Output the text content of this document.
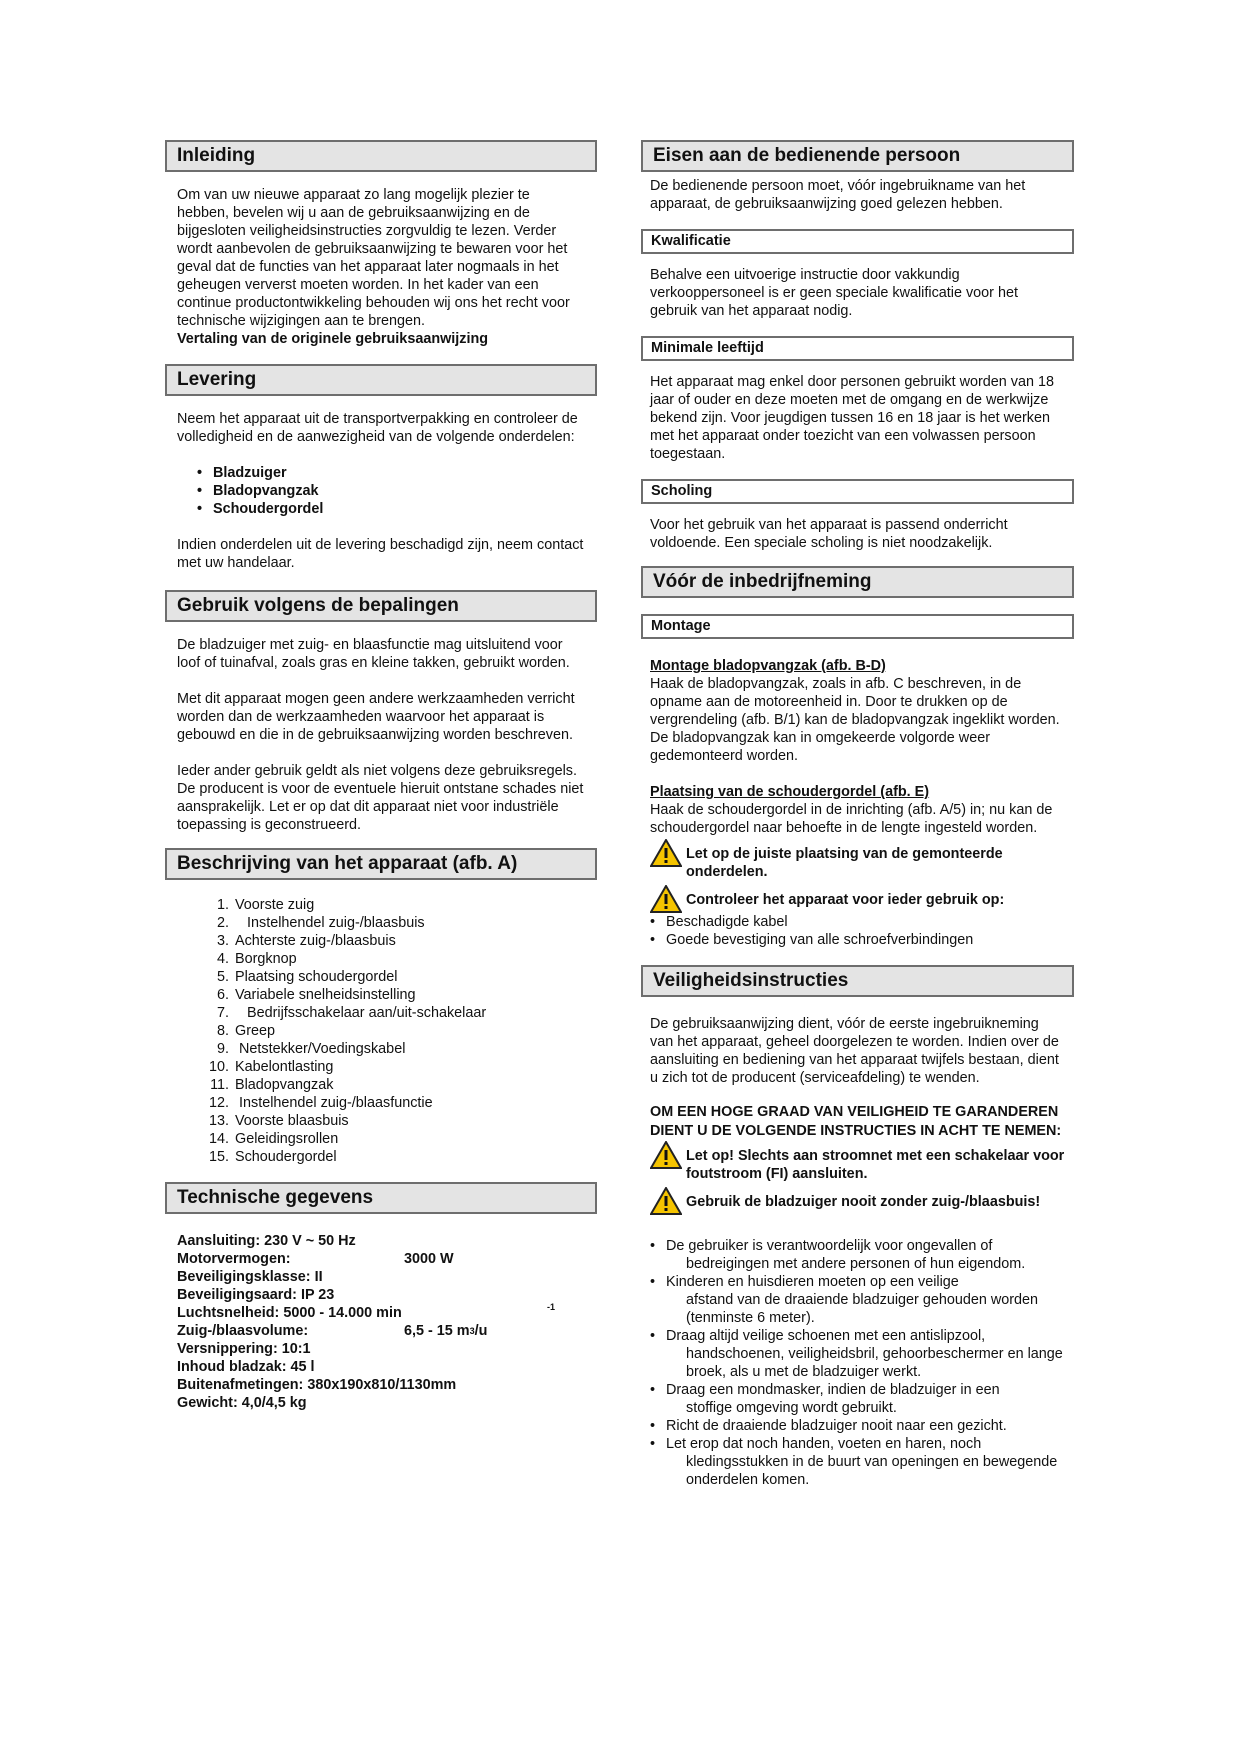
Inleiding

Om van uw nieuwe apparaat zo lang mogelijk plezier te hebben, bevelen wij u aan de gebruiksaanwijzing en de bijgesloten veiligheidsinstructies zorgvuldig te lezen. Verder wordt aanbevolen de gebruiksaanwijzing te bewaren voor het geval dat de functies van het apparaat later nogmaals in het geheugen ververst moeten worden. In het kader van een continue productontwikkeling behouden wij ons het recht voor technische wijzigingen aan te brengen.

Vertaling van de originele gebruiksaanwijzing

Levering

Neem het apparaat uit de transportverpakking en controleer de volledigheid en de aanwezigheid van de volgende onderdelen:

• Bladzuiger
• Bladopvangzak
• Schoudergordel

Indien onderdelen uit de levering beschadigd zijn, neem contact met uw handelaar.

Gebruik volgens de bepalingen

De bladzuiger met zuig- en blaasfunctie mag uitsluitend voor loof of tuinafval, zoals gras en kleine takken, gebruikt worden.

Met dit apparaat mogen geen andere werkzaamheden verricht worden dan de werkzaamheden waarvoor het apparaat is gebouwd en die in de gebruiksaanwijzing worden beschreven.

Ieder ander gebruik geldt als niet volgens deze gebruiksregels. De producent is voor de eventuele hieruit ontstane schades niet aansprakelijk. Let er op dat dit apparaat niet voor industriële toepassing is geconstrueerd.

Beschrijving van het apparaat (afb. A)
1. Voorste zuig
2. Instelhendel zuig-/blaasbuis
3. Achterste zuig-/blaasbuis
4. Borgknop
5. Plaatsing schoudergordel
6. Variabele snelheidsinstelling
7. Bedrijfsschakelaar aan/uit-schakelaar
8. Greep
9. Netstekker/Voedingskabel
10. Kabelontlasting
11. Bladopvangzak
12. Instelhendel zuig-/blaasfunctie
13. Voorste blaasbuis
14. Geleidingsrollen
15. Schoudergordel
Technische gegevens
Aansluiting: 230 V ~ 50 Hz
Motorvermogen:	3000 W
Beveiligingsklasse: II
Beveiligingsaard: IP 23
Luchtsnelheid: 5000 - 14.000 min	-1
Zuig-/blaasvolume:	6,5 - 15 $m^3/u$
Versnippering: 10:1
Inhoud bladzak: 45 l
Buitenafmetingen: 380x190x810/1130mm
Gewicht: 4,0/4,5 kg
Eisen aan de bedienende persoon
De bedienende persoon moet, vóór ingebruikname van het apparaat, de gebruiksaanwijzing goed gelezen hebben.
Kwalificatie
Behalve een uitvoerige instructie door vakkundig verkooppersoneel is er geen speciale kwalificatie voor het gebruik van het apparaat nodig.
Minimale leeftijd
Het apparaat mag enkel door personen gebruikt worden van 18 jaar of ouder en deze moeten met de omgang en de werkwijze bekend zijn. Voor jeugdigen tussen 16 en 18 jaar is het werken met het apparaat onder toezicht van een volwassen persoon toegestaan.
Scholing
Voor het gebruik van het apparaat is passend onderricht voldoende. Een speciale scholing is niet noodzakelijk.
Vóór de inbedrijfneming
Montage

Montage bladopvangzak (afb. B-D)

Haak de bladopvangzak, zoals in afb. C beschreven, in de opname aan de motoreenheid in. Door te drukken op de vergrendeling (afb. B/1) kan de bladopvangzak ingeklikt worden. De bladopvangzak kan in omgekeerde volgorde weer gedemonteerd worden.

Plaatsing van de schoudergordel (afb. E)

Haak de schoudergordel in de inrichting (afb. A/5) in; nu kan de schoudergordel naar behoefte in de lengte ingesteld worden.

Let op de juiste plaatsing van de gemonteerde onderdelen.
Controleer het apparaat voor ieder gebruik op:
• Beschadigde kabel
• Goede bevestiging van alle schroefverbindingen
Veiligheidsinstructies

De gebruiksaanwijzing dient, vóór de eerste ingebruikneming van het apparaat, geheel doorgelezen te worden. Indien over de aansluiting en bediening van het apparaat twijfels bestaan, dient u zich tot de producent (serviceafdeling) te wenden.

OM EEN HOGE GRAAD VAN VEILIGHEID TE GARANDEREN DIENT U DE VOLGENDE INSTRUCTIES IN ACHT TE NEMEN:

Let op! Slechts aan stroomnet met een schakelaar voor foutstroom (FI) aansluiten.
Gebruik de bladzuiger nooit zonder zuig-/blaasbuis!
• De gebruiker is verantwoordelijk voor ongevallen of
bedreigingen met andere personen of hun eigendom.
• Kinderen en huisdieren moeten op een veilige
afstand van de draaiende bladzuiger gehouden worden (tenminste 6 meter).
• Draag altijd veilige schoenen met een antislipzool,
handschoenen, veiligheidsbril, gehoorbeschermer en lange broek, als u met de bladzuiger werkt.
• Draag een mondmasker, indien de bladzuiger in een
stoffige omgeving wordt gebruikt.
• Richt de draaiende bladzuiger nooit naar een gezicht.
• Let erop dat noch handen, voeten en haren, noch
kledingsstukken in de buurt van openingen en bewegende onderdelen komen.
